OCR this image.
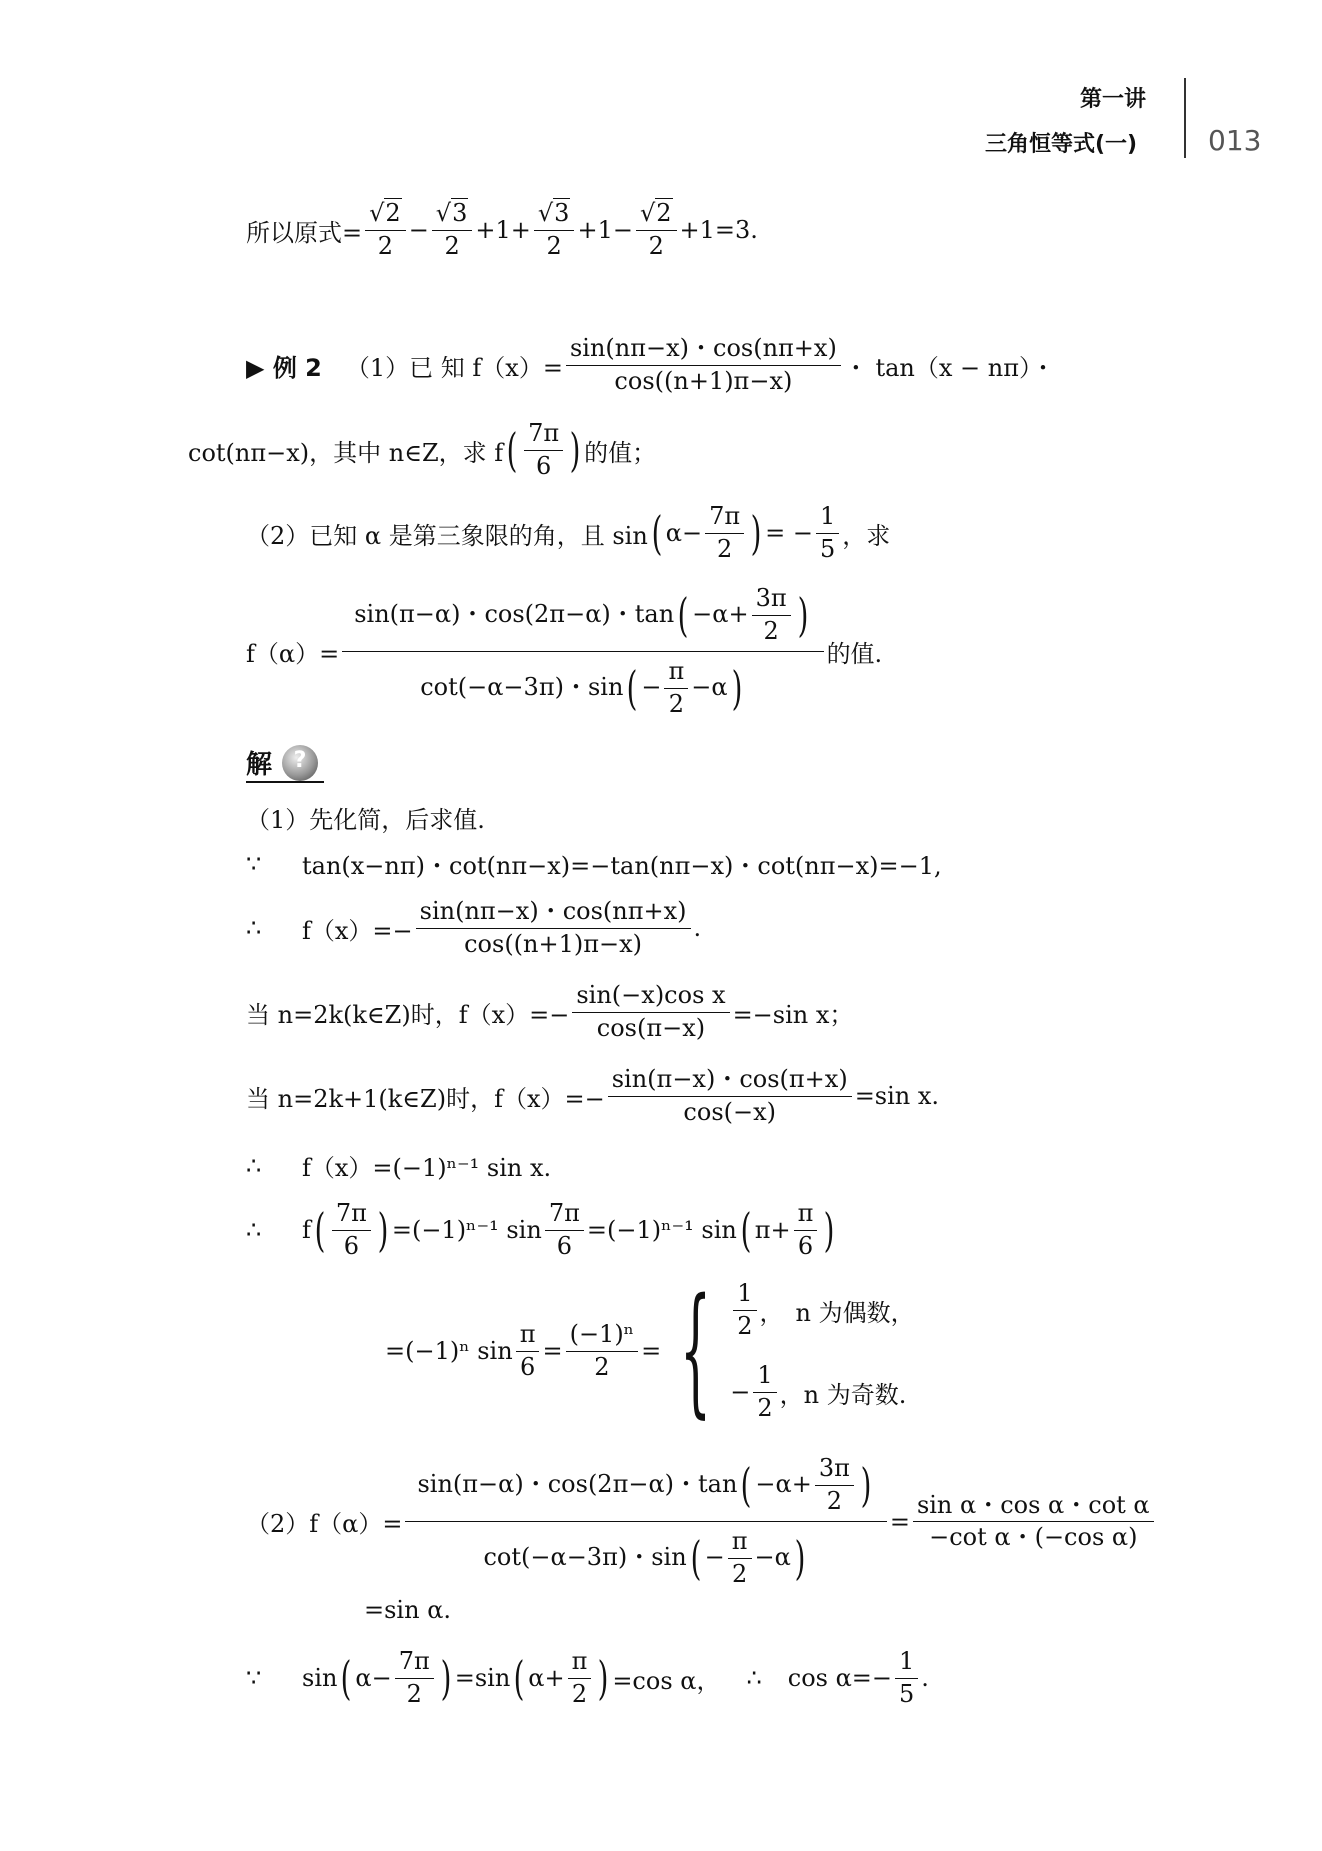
第一讲
三角恒等式(一)	013
所以原式= √ $\frac{2}{2}$ − √ $\frac{3}{2} +1+$ √ $\frac{3}{2} +1-$ √ $\frac{2}{2} +1=3$.
▶ 例 2 （1） 已 知 $f(x)= \frac{\sin(n\pi-x)・\cos(n\pi+x)}{\cos((n+1)\pi-x)}$ ・ tan（x − nπ）・
cot(nπ−x)，其中 n∈Z，求 f ( $\frac{7\pi}{6}$ ) 的值；
（2）已知 α 是第三象限的角，且 sin ( $\alpha- \frac{7\pi}{2}$ ) = − $\frac{1}{5}$ ，求
f（α）=
sin(π−α)・cos(2π−α)・tan ( $-\alpha+ \frac{3\pi}{2}$ )
cot(−α−3π)・sin ( − $\frac{\pi}{2} -\alpha$ )
的值.
解
?
（1）先化简，后求值.
∵	tan(x−nπ)・cot(nπ−x)=−tan(nπ−x)・cot(nπ−x)=−1,
∴	$f(x)=- \frac{\sin(n\pi-x)・\cos(n\pi+x)}{\cos((n+1)\pi-x)}$ .
当 n=2k(k∈Z)时，$f(x)=- \frac{\text{sin(−x)cos x}}{\cos(\pi-x)} =-\sin$ x；
当 n=2k+1(k∈Z)时，$f(x)=- \frac{\sin(\pi-x)・\cos(\pi+x)}{\cos(-x)} =\sin$ x.
∴	f（x）=(−1)ⁿ⁻¹ sin x.
∴	f ( $\frac{7\pi}{6}$ ) =(−1)ⁿ⁻¹ $\sin \frac{7\pi}{6} =(-1)^{n-1}$ sin ( $\pi+ \frac{\pi}{6}$ )
=(−1)ⁿ $\sin \frac{\pi}{6} = \frac{\text{(−1)ⁿ}}{2}$ = { $\frac{1}{2}$ ，　n 为偶数，
− $\frac{1}{2}$ ，n 为奇数.
（2）f（α）=
sin(π−α)・cos(2π−α)・tan ( $-\alpha+ \frac{3\pi}{2}$ )
cot(−α−3π)・sin ( − $\frac{\pi}{2} -\alpha$ )
= $\frac{\text{sin α・cos α・cot α}}{\text{−cot α・(−cos α)}}$
=sin α.
∵	sin ( $\alpha- \frac{7\pi}{2}$ ) =sin ( $\alpha+ \frac{\pi}{2}$ ) =cos α， ∴ $\cos \alpha=- \frac{1}{5}$ .
